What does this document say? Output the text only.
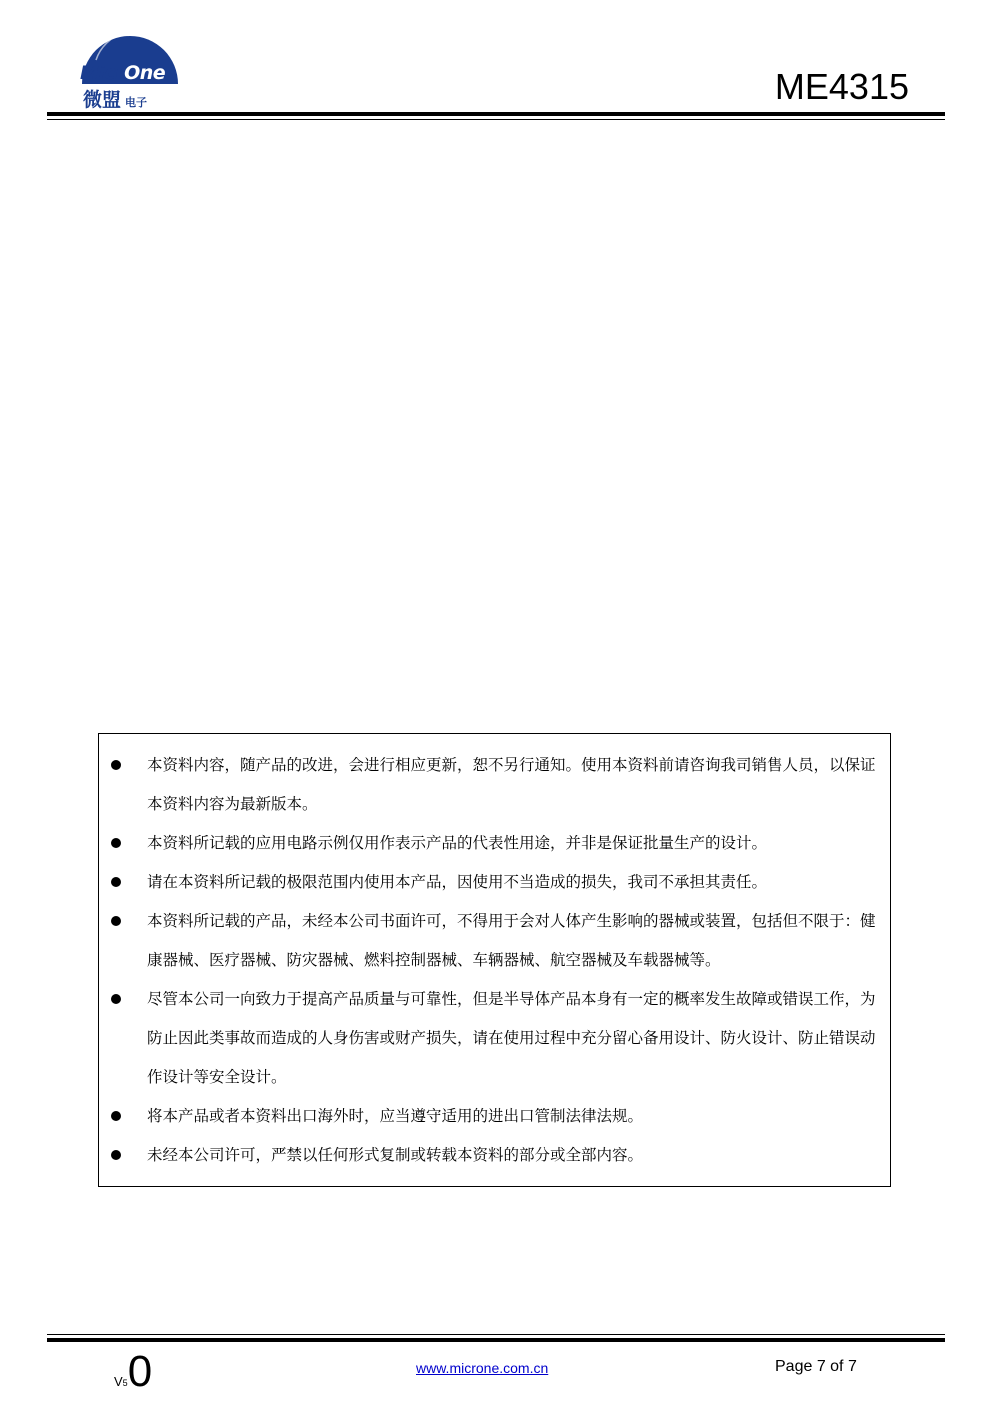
MicrOne
微盟 电子	ME4315
本资料内容，随产品的改进，会进行相应更新，恕不另行通知。使用本资料前请咨询我司销售人员，以保证本资料内容为最新版本。
本资料所记载的应用电路示例仅用作表示产品的代表性用途，并非是保证批量生产的设计。
请在本资料所记载的极限范围内使用本产品，因使用不当造成的损失，我司不承担其责任。
本资料所记载的产品，未经本公司书面许可，不得用于会对人体产生影响的器械或装置，包括但不限于：健康器械、医疗器械、防灾器械、燃料控制器械、车辆器械、航空器械及车载器械等。
尽管本公司一向致力于提高产品质量与可靠性，但是半导体产品本身有一定的概率发生故障或错误工作，为防止因此类事故而造成的人身伤害或财产损失，请在使用过程中充分留心备用设计、防火设计、防止错误动作设计等安全设计。
将本产品或者本资料出口海外时，应当遵守适用的进出口管制法律法规。
未经本公司许可，严禁以任何形式复制或转载本资料的部分或全部内容。
V50	www.microne.com.cn	Page 7 of 7
